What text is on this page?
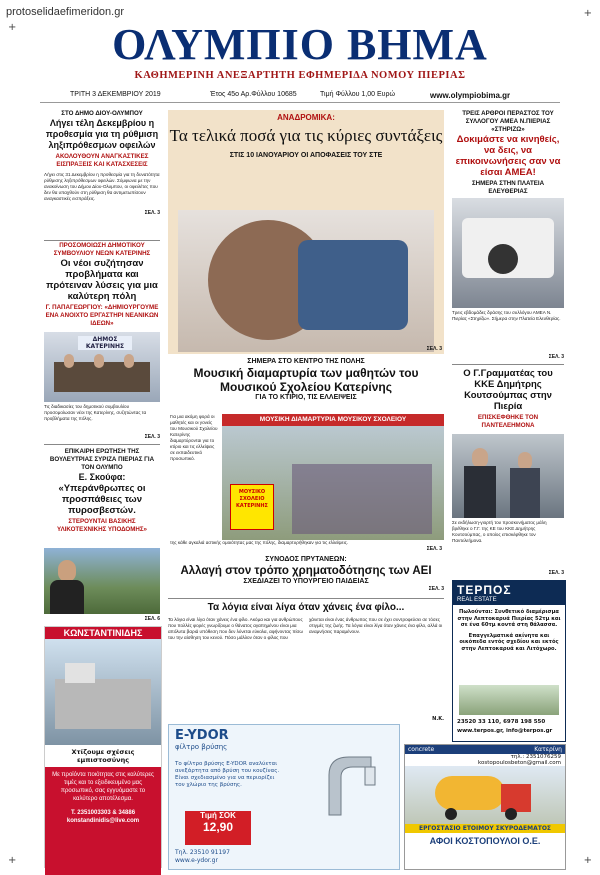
protoselidaefimeridon.gr
+
+
+	+
ΟΛΥΜΠΙΟ ΒΗΜΑ
ΚΑΘΗΜΕΡΙΝΗ ΑΝΕΞΑΡΤΗΤΗ ΕΦΗΜΕΡΙΔΑ ΝΟΜΟΥ ΠΙΕΡΙΑΣ
ΤΡΙΤΗ 3 ΔΕΚΕΜΒΡΙΟΥ 2019	Έτος 45ο Αρ.Φύλλου 10685	Τιμή Φύλλου 1,00 Ευρώ	www.olympiobima.gr
ΣΤΟ ΔΗΜΟ ΔΙΟΥ-ΟΛΥΜΠΟΥ
Λήγει τέλη Δεκεμβρίου η προθεσμία για τη ρύθμιση ληξιπρόθεσμων οφειλών
ΑΚΟΛΟΥΘΟΥΝ ΑΝΑΓΚΑΣΤΙΚΕΣ ΕΙΣΠΡΑΞΕΙΣ ΚΑΙ ΚΑΤΑΣΧΕΣΕΙΣ
Λήγει στις 31 Δεκεμβρίου η προθεσμία για τη δυνατότητα ρύθμισης ληξιπρόθεσμων οφειλών. Σύμφωνα με την ανακοίνωση του Δήμου Δίου-Ολυμπου, οι οφειλέτες που δεν θα υπαχθούν στη ρύθμιση θα αντιμετωπίσουν αναγκαστικές εισπράξεις.
ΣΕΛ. 3
ΠΡΟΣΟΜΟΙΩΣΗ ΔΗΜΟΤΙΚΟΥ ΣΥΜΒΟΥΛΙΟΥ ΝΕΩΝ ΚΑΤΕΡΙΝΗΣ
Οι νέοι συζήτησαν προβλήματα και πρότειναν λύσεις για μια καλύτερη πόλη
Γ. ΠΑΠΑΓΕΩΡΓΙΟΥ: «ΔΗΜΙΟΥΡΓΟΥΜΕ ΕΝΑ ΑΝΟΙΧΤΟ ΕΡΓΑΣΤΗΡΙ ΝΕΑΝΙΚΩΝ ΙΔΕΩΝ»
ΔΗΜΟΣ ΚΑΤΕΡΙΝΗΣ
Τις διαδικασίες του δημοτικού συμβουλίου προσομοίωσαν νέοι της Κατερίνης, συζητώντας τα προβλήματα της πόλης.
ΣΕΛ. 3
ΕΠΙΚΑΙΡΗ ΕΡΩΤΗΣΗ ΤΗΣ ΒΟΥΛΕΥΤΡΙΑΣ ΣΥΡΙΖΑ ΠΙΕΡΙΑΣ ΓΙΑ ΤΟΝ ΟΛΥΜΠΟ
Ε. Σκούφα:
«Υπεράνθρωπες οι προσπάθειες των πυροσβεστών.
ΣΤΕΡΟΥΝΤΑΙ ΒΑΣΙΚΗΣ ΥΛΙΚΟΤΕΧΝΙΚΗΣ ΥΠΟΔΟΜΗΣ»
ΣΕΛ. 6
ΚΩΝΣΤΑΝΤΙΝΙΔΗΣ
Χτίζουμε σχέσεις εμπιστοσύνης
Με προϊόντα ποιότητας στις καλύτερες τιμές και το εξειδικευμένο μας προσωπικό, σας εγγυόμαστε το καλύτερο αποτέλεσμα.
Τ. 2351003303 & 34886
konstandinidis@live.com
ΑΝΑΔΡΟΜΙΚΑ:
Τα τελικά ποσά για τις κύριες συντάξεις
ΣΤΙΣ 10 ΙΑΝΟΥΑΡΙΟΥ ΟΙ ΑΠΟΦΑΣΕΙΣ ΤΟΥ ΣΤΕ
ΣΕΛ. 3
ΣΗΜΕΡΑ ΣΤΟ ΚΕΝΤΡΟ ΤΗΣ ΠΟΛΗΣ
Μουσική διαμαρτυρία των μαθητών του Μουσικού Σχολείου Κατερίνης
ΓΙΑ ΤΟ ΚΤΙΡΙΟ, ΤΙΣ ΕΛΛΕΙΨΕΙΣ
Για μια ακόμη φορά οι μαθητές και οι γονείς του Μουσικού Σχολείου Κατερίνης διαμαρτύρονται για το κτίριο και τις ελλείψεις σε εκπαιδευτικό προσωπικό.
ΜΟΥΣΙΚΗ ΔΙΑΜΑΡΤΥΡΙΑ ΜΟΥΣΙΚΟΥ ΣΧΟΛΕΙΟΥ
ΜΟΥΣΙΚΟ ΣΧΟΛΕΙΟ ΚΑΤΕΡΙΝΗΣ
της κάθε αγκαλιά αστικής ομοιότητας μας της πόλης, διαμαρτυρήθηκαν για τις ελλείψεις.
ΣΕΛ. 3
ΣΥΝΟΔΟΣ ΠΡΥΤΑΝΕΩΝ:
Αλλαγή στον τρόπο χρηματοδότησης των ΑΕΙ
ΣΧΕΔΙΑΖΕΙ ΤΟ ΥΠΟΥΡΓΕΙΟ ΠΑΙΔΕΙΑΣ
ΣΕΛ. 3
Τα λόγια είναι λίγα όταν χάνεις ένα φίλο...
Τα λόγια είναι λίγα όταν χάνεις ένα φίλο. Ακόμα και για ανθρώπους που πολλές φορές γνωρίζουμε ο θάνατος αγαπημένου είναι μια απόλυτα βαριά υπόθεση που δεν λύνεται εύκολα, αφήνοντας πίσω του την αίσθηση του κενού. Πόσο μάλλον όταν ο φίλος που χάνεται είναι ένας άνθρωπος που σε έχει συντροφεύσει σε τόσες στιγμές της ζωής. Τα λόγια είναι λίγα όταν χάνεις ένα φίλο, αλλά οι αναμνήσεις παραμένουν.
Ν.Κ.
E-YDOR
φίλτρο βρύσης
Το φίλτρο βρύσης E-YDOR αναλύεται ανεξάρτητα από βρύση του κουζίνας. Είναι σχεδιασμένο για να περιορίζει τον χλώριο της βρύσης.
Τιμή ΣΟΚ
12,90
Τηλ. 23510 91197
www.e-ydor.gr
ΤΡΕΙΣ ΑΡΘΡΟΙ ΠΕΡΑΣΤΟΣ ΤΟΥ ΣΥΛΛΟΓΟΥ ΑΜΕΑ Ν.ΠΙΕΡΙΑΣ «ΣΤΗΡΙΖΩ»
Δοκιμάστε να κινηθείς, να δεις, να επικοινωνήσεις σαν να είσαι ΑΜΕΑ!
ΣΗΜΕΡΑ ΣΤΗΝ ΠΛΑΤΕΙΑ ΕΛΕΥΘΕΡΙΑΣ
Τρεις εβδομάδες δράσης του συλλόγου ΑΜΕΑ Ν. Πιερίας «Στηρίζω». Σήμερα στην Πλατεία Ελευθερίας.
ΣΕΛ. 3
Ο Γ.Γραμματέας του ΚΚΕ Δημήτρης Κουτσούμπας στην Πιερία
ΕΠΙΣΚΕΦΘΗΚΕ ΤΟΝ ΠΑΝΤΕΛΕΗΜΟΝΑ
Σε εκδήλωση-γιορτή του προσκυνήματος μάλη βρέθηκε ο Γ.Γ. της ΚΕ του ΚΚΕ Δημήτρης Κουτσούμπας, ο οποίος επισκέφθηκε τον Παντελεήμονα.
ΣΕΛ. 3
ΤΕΡΠΟΣ
REAL ESTATE
Πωλούνται: Συνθετικό διαμέρισμα στην Λεπτοκαρυά Πιερίας 52τμ και σε ένα 60τμ κοντά στη θάλασσα.
Επαγγελματικά ακίνητα και οικόπεδα εντός σχεδίου και εκτός στην Λεπτοκαρυά και Λιτόχωρο.
23520 33 110, 6978 198 550
www.terpos.gr, info@terpos.gr
concrete	Κατερίνη
τηλ.: 2351076259
kostopoulosbeton@gmail.com
ΕΡΓΟΣΤΑΣΙΟ ΕΤΟΙΜΟΥ ΣΚΥΡΟΔΕΜΑΤΟΣ
ΑΦΟΙ ΚΟΣΤΟΠΟΥΛΟΙ Ο.Ε.
